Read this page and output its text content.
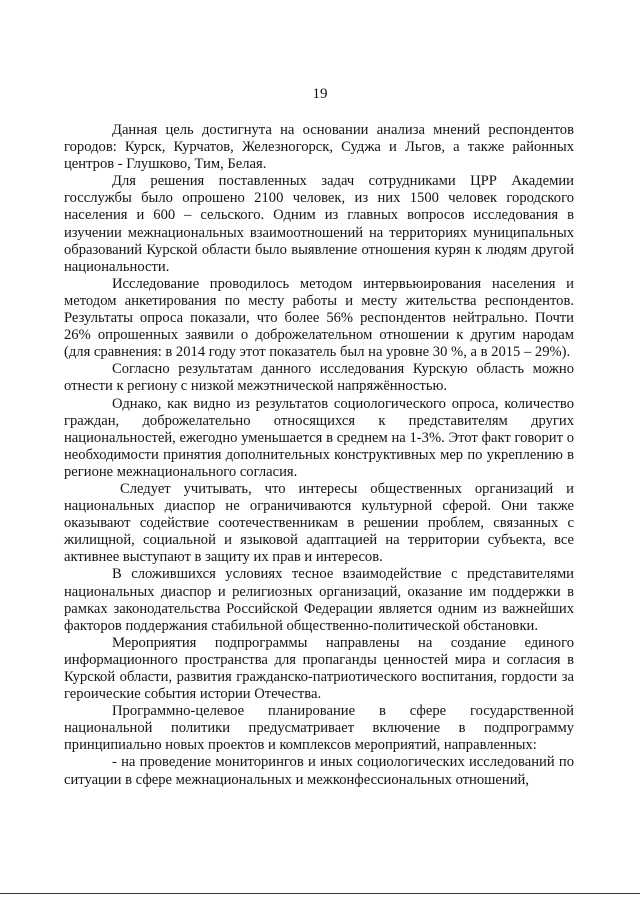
19

Данная цель достигнута на основании анализа мнений респондентов городов: Курск, Курчатов, Железногорск, Суджа и Льгов, а также районных центров - Глушково, Тим, Белая.

Для решения поставленных задач сотрудниками ЦРР Академии госслужбы было опрошено 2100 человек, из них 1500 человек городского населения и 600 – сельского. Одним из главных вопросов исследования в изучении межнациональных взаимоотношений на территориях муниципальных образований Курской области было выявление отношения курян к людям другой национальности.

Исследование проводилось методом интервьюирования населения и методом анкетирования по месту работы и месту жительства респондентов. Результаты опроса показали, что более 56% респондентов нейтрально. Почти 26% опрошенных заявили о доброжелательном отношении к другим народам (для сравнения: в 2014 году этот показатель был на уровне 30 %, а в 2015 – 29%).

Согласно результатам данного исследования Курскую область можно отнести к региону с низкой межэтнической напряжённостью.

Однако, как видно из результатов социологического опроса, количество граждан, доброжелательно относящихся к представителям других национальностей, ежегодно уменьшается в среднем на 1-3%. Этот факт говорит о необходимости принятия дополнительных конструктивных мер по укреплению в регионе межнационального согласия.

Следует учитывать, что интересы общественных организаций и национальных диаспор не ограничиваются культурной сферой. Они также оказывают содействие соотечественникам в решении проблем, связанных с жилищной, социальной и языковой адаптацией на территории субъекта, все активнее выступают в защиту их прав и интересов.

В сложившихся условиях тесное взаимодействие с представителями национальных диаспор и религиозных организаций, оказание им поддержки в рамках законодательства Российской Федерации является одним из важнейших факторов поддержания стабильной общественно-политической обстановки.

Мероприятия подпрограммы направлены на создание единого информационного пространства для пропаганды ценностей мира и согласия в Курской области, развития гражданско-патриотического воспитания, гордости за героические события истории Отечества.

Программно-целевое планирование в сфере государственной национальной политики предусматривает включение в подпрограмму принципиально новых проектов и комплексов мероприятий, направленных:

- на проведение мониторингов и иных социологических исследований по ситуации в сфере межнациональных и межконфессиональных отношений,
